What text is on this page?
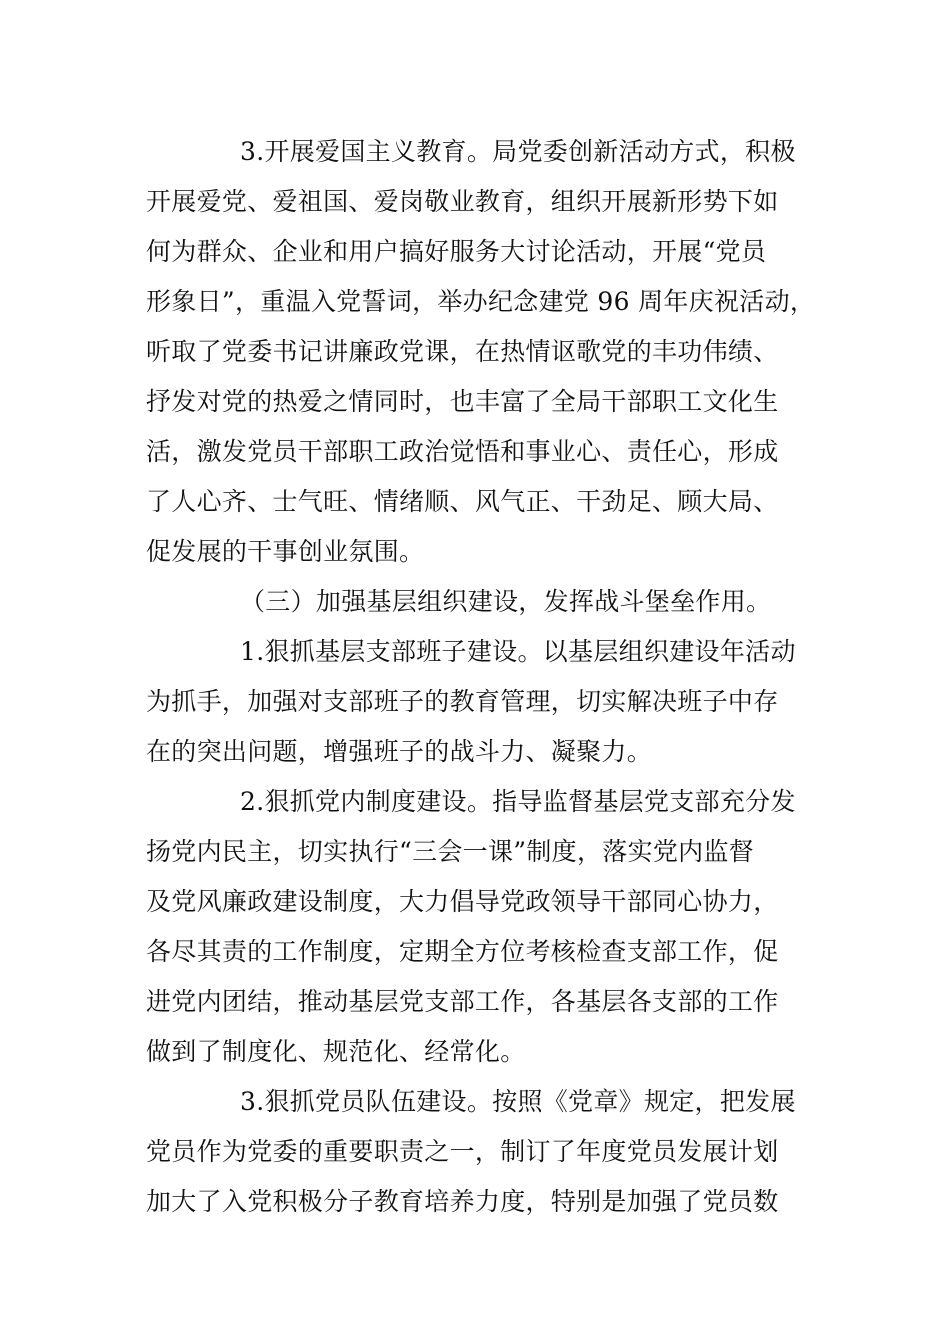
3.开展爱国主义教育。局党委创新活动方式，积极
开展爱党、爱祖国、爱岗敬业教育，组织开展新形势下如
何为群众、企业和用户搞好服务大讨论活动，开展“党员
形象日”，重温入党誓词，举办纪念建党 96 周年庆祝活动，
听取了党委书记讲廉政党课，在热情讴歌党的丰功伟绩、
抒发对党的热爱之情同时，也丰富了全局干部职工文化生
活，激发党员干部职工政治觉悟和事业心、责任心，形成
了人心齐、士气旺、情绪顺、风气正、干劲足、顾大局、
促发展的干事创业氛围。
（三）加强基层组织建设，发挥战斗堡垒作用。
1.狠抓基层支部班子建设。以基层组织建设年活动
为抓手，加强对支部班子的教育管理，切实解决班子中存
在的突出问题，增强班子的战斗力、凝聚力。
2.狠抓党内制度建设。指导监督基层党支部充分发
扬党内民主，切实执行“三会一课”制度，落实党内监督
及党风廉政建设制度，大力倡导党政领导干部同心协力，
各尽其责的工作制度，定期全方位考核检查支部工作，促
进党内团结，推动基层党支部工作，各基层各支部的工作
做到了制度化、规范化、经常化。
3.狠抓党员队伍建设。按照《党章》规定，把发展
党员作为党委的重要职责之一，制订了年度党员发展计划
加大了入党积极分子教育培养力度，特别是加强了党员数
